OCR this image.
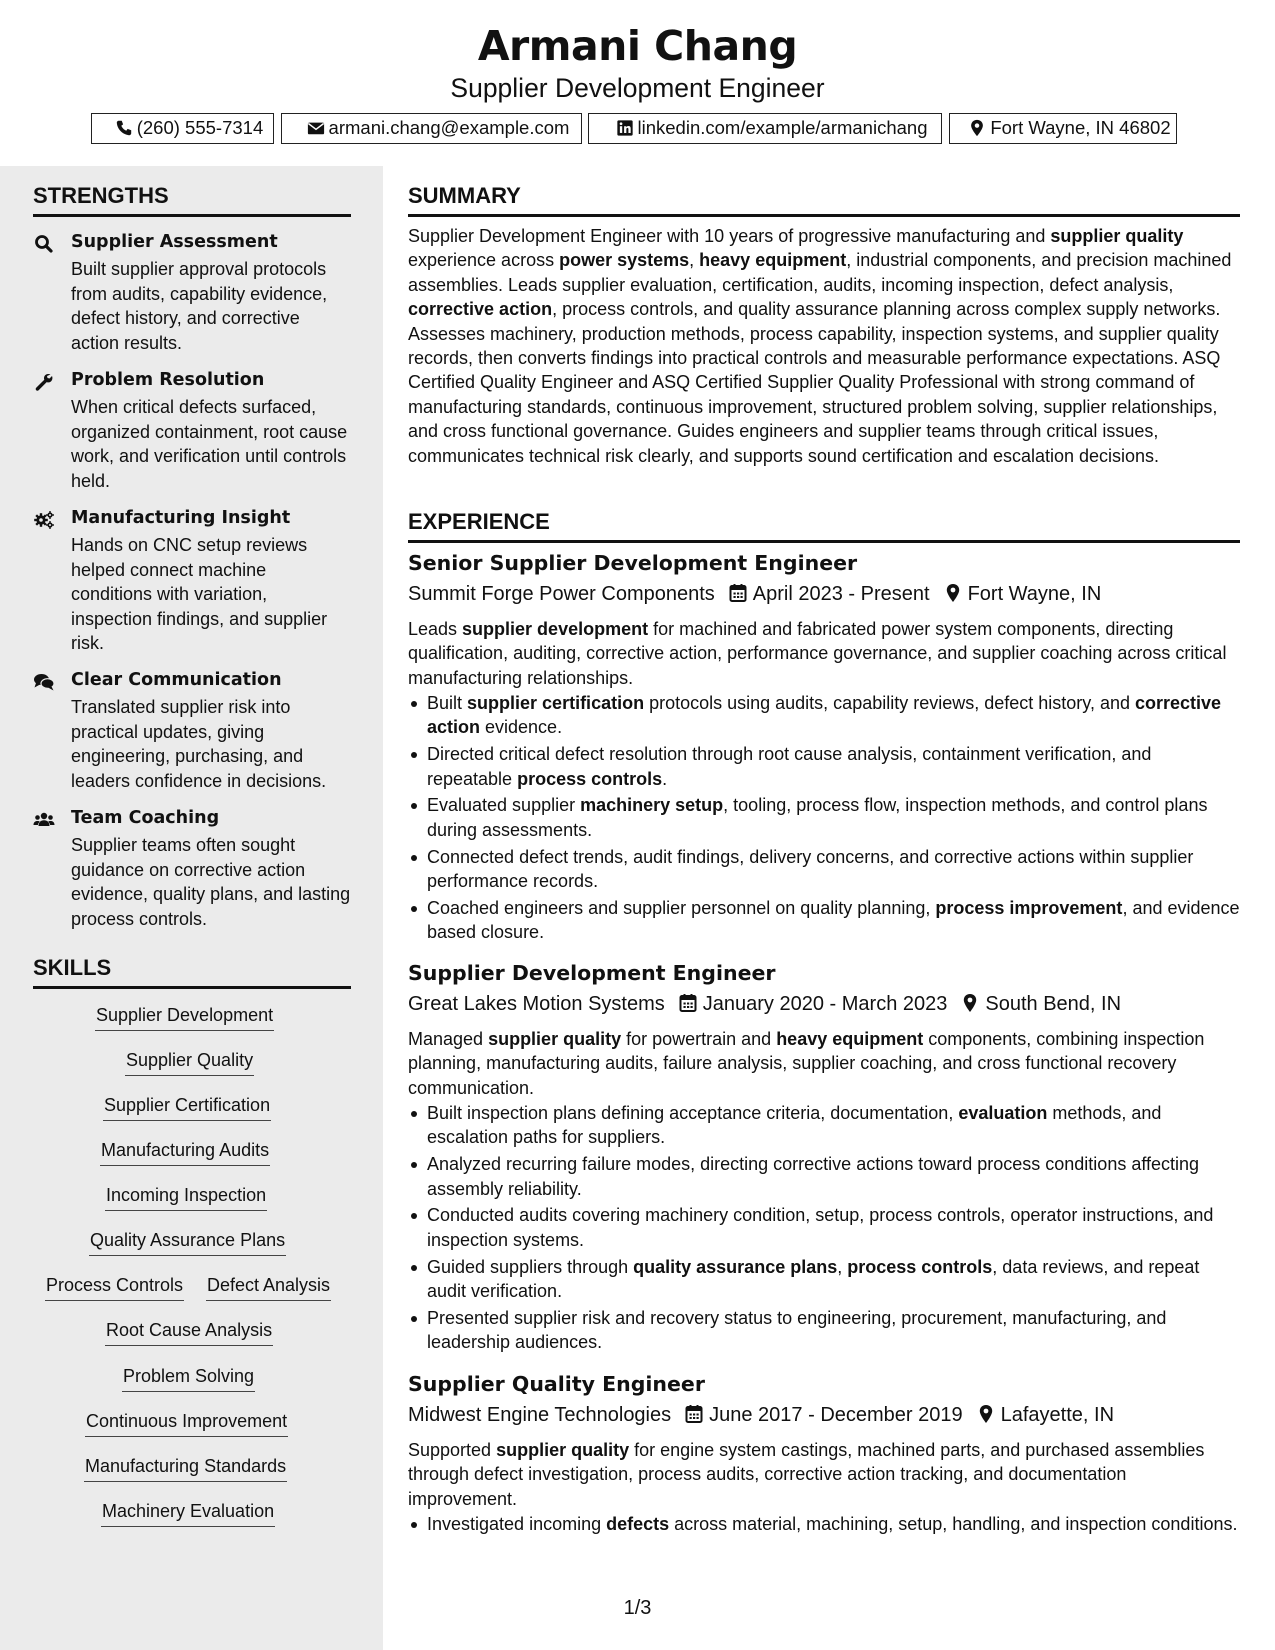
Armani Chang
Supplier Development Engineer
(260) 555-7314	armani.chang@example.com	linkedin.com/example/armanichang	Fort Wayne, IN 46802
STRENGTHS
Supplier Assessment
Built supplier approval protocols from audits, capability evidence, defect history, and corrective action results.
Problem Resolution
When critical defects surfaced, organized containment, root cause work, and verification until controls held.
Manufacturing Insight
Hands on CNC setup reviews helped connect machine conditions with variation, inspection findings, and supplier risk.
Clear Communication
Translated supplier risk into practical updates, giving engineering, purchasing, and leaders confidence in decisions.
Team Coaching
Supplier teams often sought guidance on corrective action evidence, quality plans, and lasting process controls.
SKILLS
Supplier Development
Supplier Quality
Supplier Certification
Manufacturing Audits
Incoming Inspection
Quality Assurance Plans
Process Controls Defect Analysis
Root Cause Analysis
Problem Solving
Continuous Improvement
Manufacturing Standards
Machinery Evaluation
SUMMARY
Supplier Development Engineer with 10 years of progressive manufacturing and supplier quality experience across power systems, heavy equipment, industrial components, and precision machined assemblies. Leads supplier evaluation, certification, audits, incoming inspection, defect analysis, corrective action, process controls, and quality assurance planning across complex supply networks. Assesses machinery, production methods, process capability, inspection systems, and supplier quality records, then converts findings into practical controls and measurable performance expectations. ASQ Certified Quality Engineer and ASQ Certified Supplier Quality Professional with strong command of manufacturing standards, continuous improvement, structured problem solving, supplier relationships, and cross functional governance. Guides engineers and supplier teams through critical issues, communicates technical risk clearly, and supports sound certification and escalation decisions.
EXPERIENCE
Senior Supplier Development Engineer
Summit Forge Power Components April 2023 - Present Fort Wayne, IN
Leads supplier development for machined and fabricated power system components, directing qualification, auditing, corrective action, performance governance, and supplier coaching across critical manufacturing relationships.
Built supplier certification protocols using audits, capability reviews, defect history, and corrective action evidence.
Directed critical defect resolution through root cause analysis, containment verification, and repeatable process controls.
Evaluated supplier machinery setup, tooling, process flow, inspection methods, and control plans during assessments.
Connected defect trends, audit findings, delivery concerns, and corrective actions within supplier performance records.
Coached engineers and supplier personnel on quality planning, process improvement, and evidence based closure.
Supplier Development Engineer
Great Lakes Motion Systems January 2020 - March 2023 South Bend, IN
Managed supplier quality for powertrain and heavy equipment components, combining inspection planning, manufacturing audits, failure analysis, supplier coaching, and cross functional recovery communication.
Built inspection plans defining acceptance criteria, documentation, evaluation methods, and escalation paths for suppliers.
Analyzed recurring failure modes, directing corrective actions toward process conditions affecting assembly reliability.
Conducted audits covering machinery condition, setup, process controls, operator instructions, and inspection systems.
Guided suppliers through quality assurance plans, process controls, data reviews, and repeat audit verification.
Presented supplier risk and recovery status to engineering, procurement, manufacturing, and leadership audiences.
Supplier Quality Engineer
Midwest Engine Technologies June 2017 - December 2019 Lafayette, IN
Supported supplier quality for engine system castings, machined parts, and purchased assemblies through defect investigation, process audits, corrective action tracking, and documentation improvement.
Investigated incoming defects across material, machining, setup, handling, and inspection conditions.
1/3
